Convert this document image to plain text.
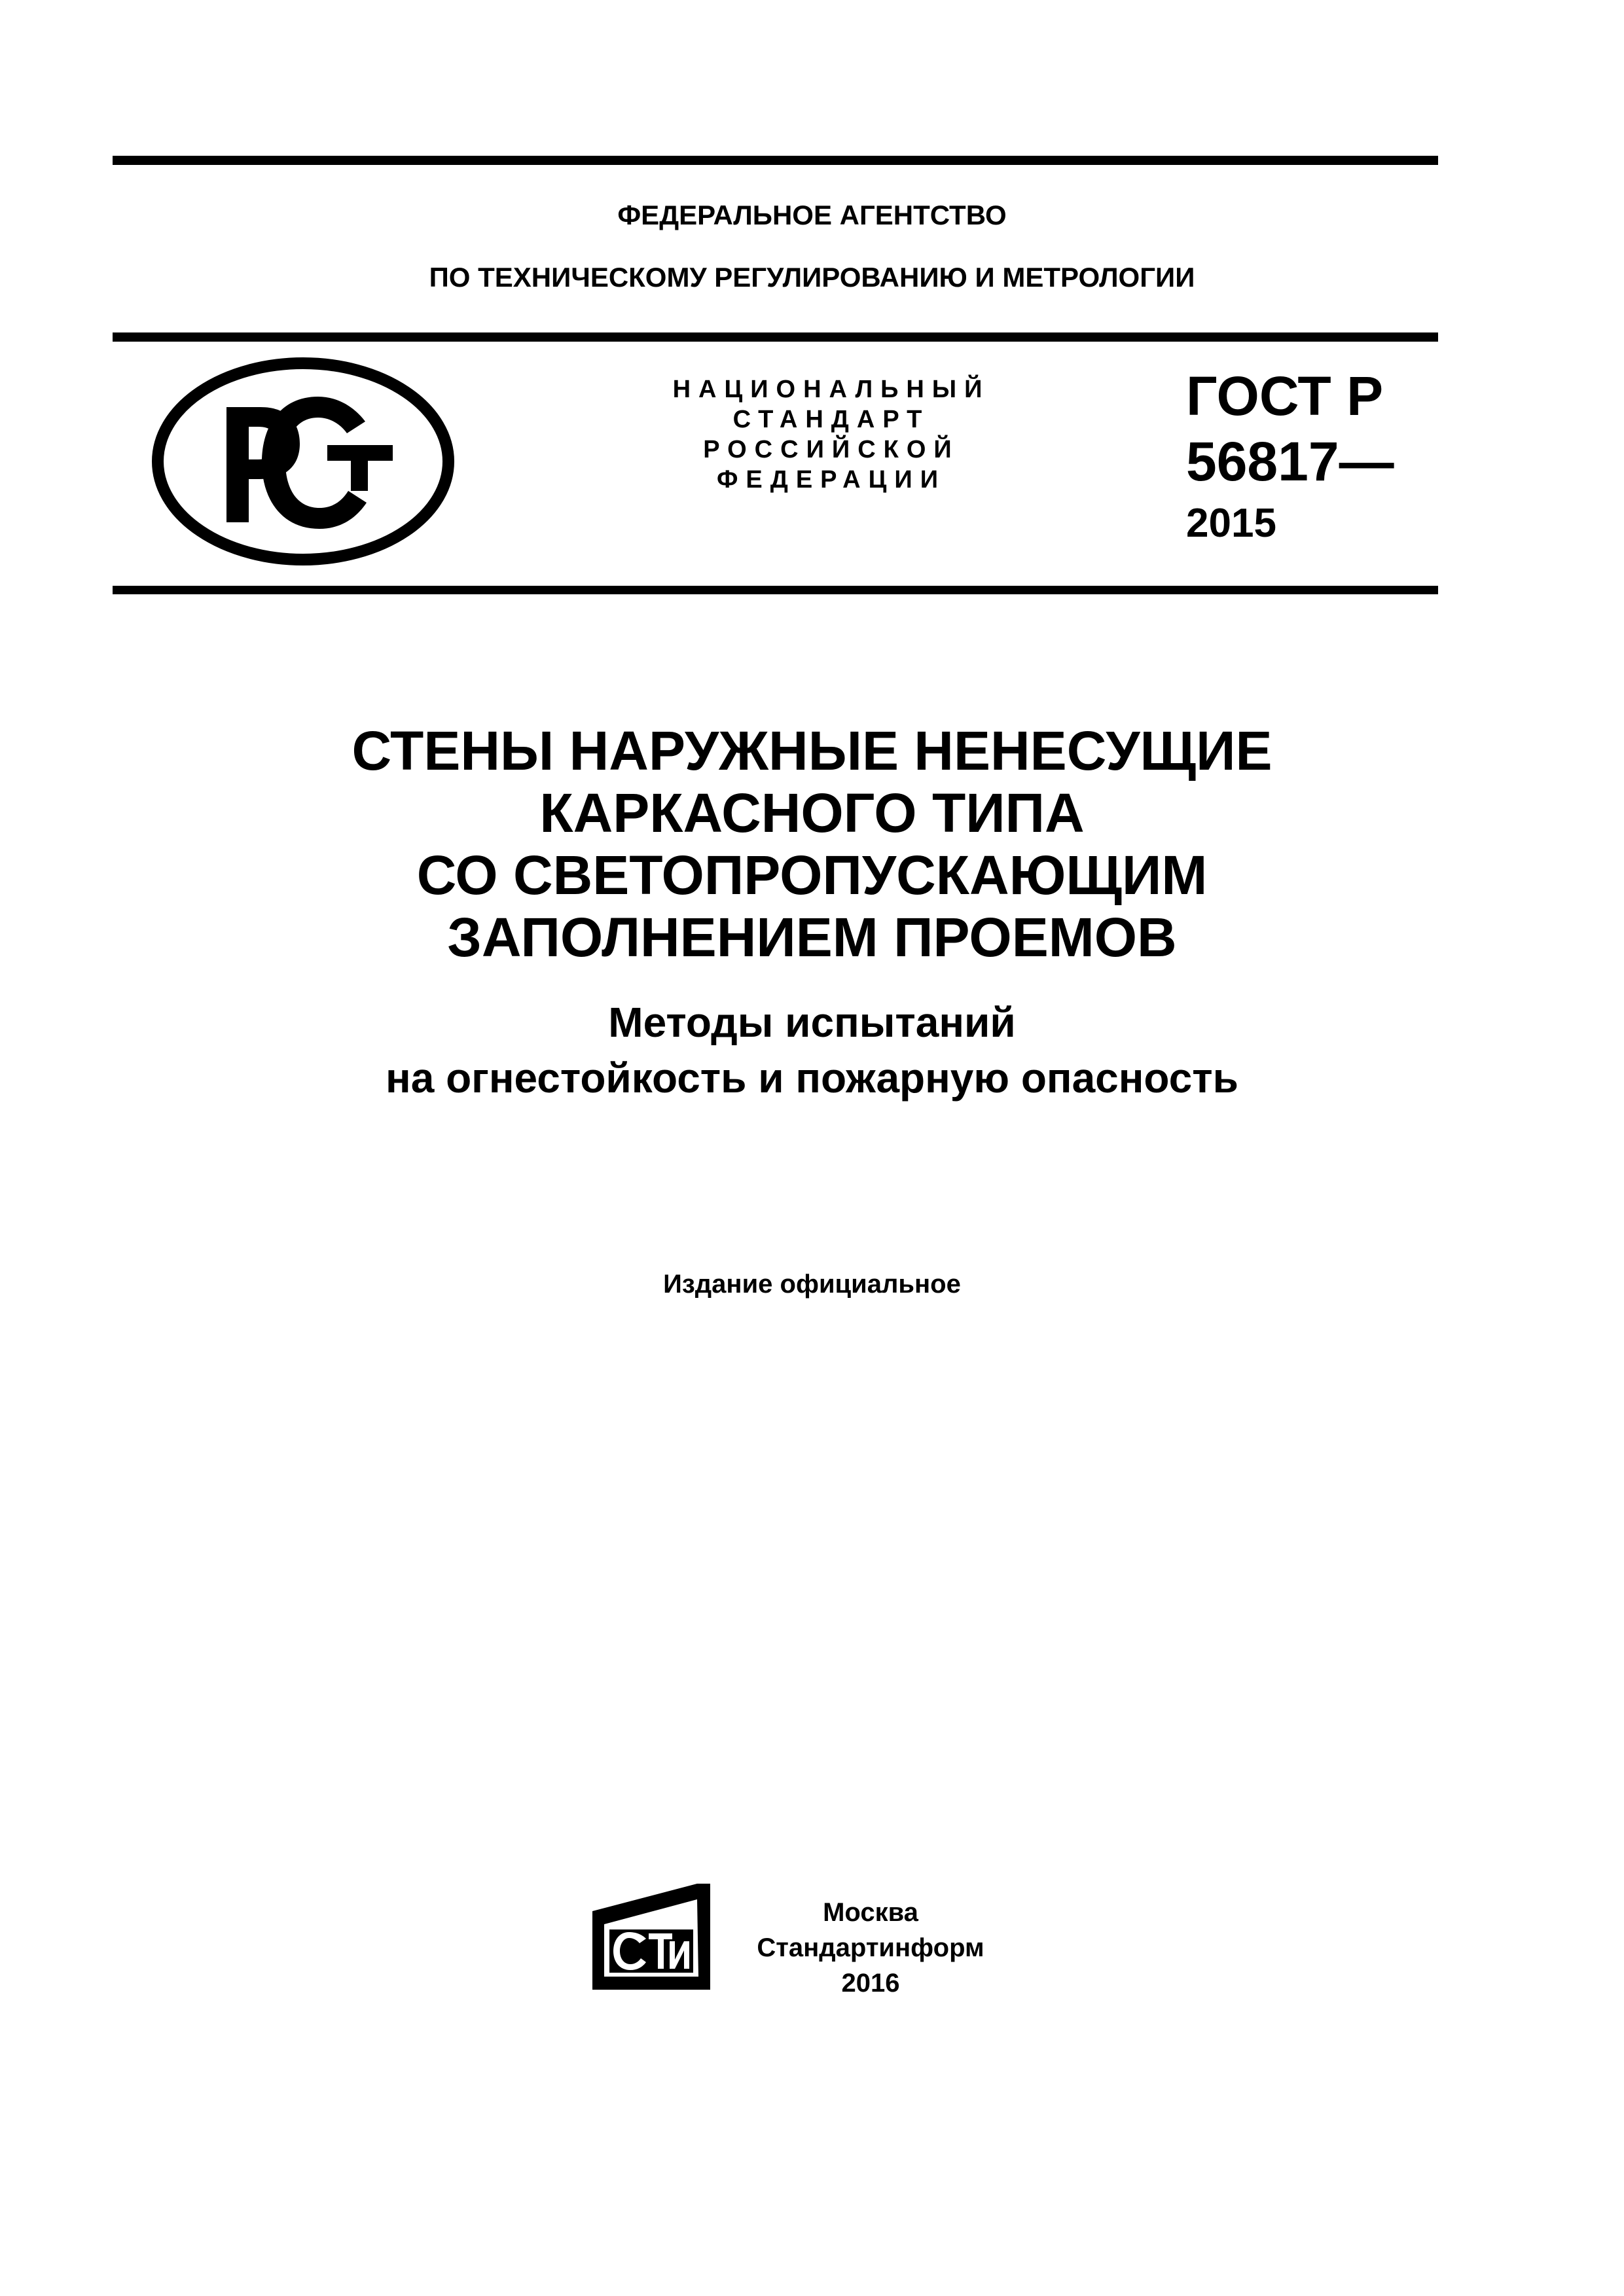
ФЕДЕРАЛЬНОЕ АГЕНТСТВО
ПО ТЕХНИЧЕСКОМУ РЕГУЛИРОВАНИЮ И МЕТРОЛОГИИ
НАЦИОНАЛЬНЫЙ
СТАНДАРТ
РОССИЙСКОЙ
ФЕДЕРАЦИИ
ГОСТ Р
56817—
2015
СТЕНЫ НАРУЖНЫЕ НЕНЕСУЩИЕ
КАРКАСНОГО ТИПА
СО СВЕТОПРОПУСКАЮЩИМ
ЗАПОЛНЕНИЕМ ПРОЕМОВ
Методы испытаний
на огнестойкость и пожарную опасность
Издание официальное
Москва
Стандартинформ
2016
